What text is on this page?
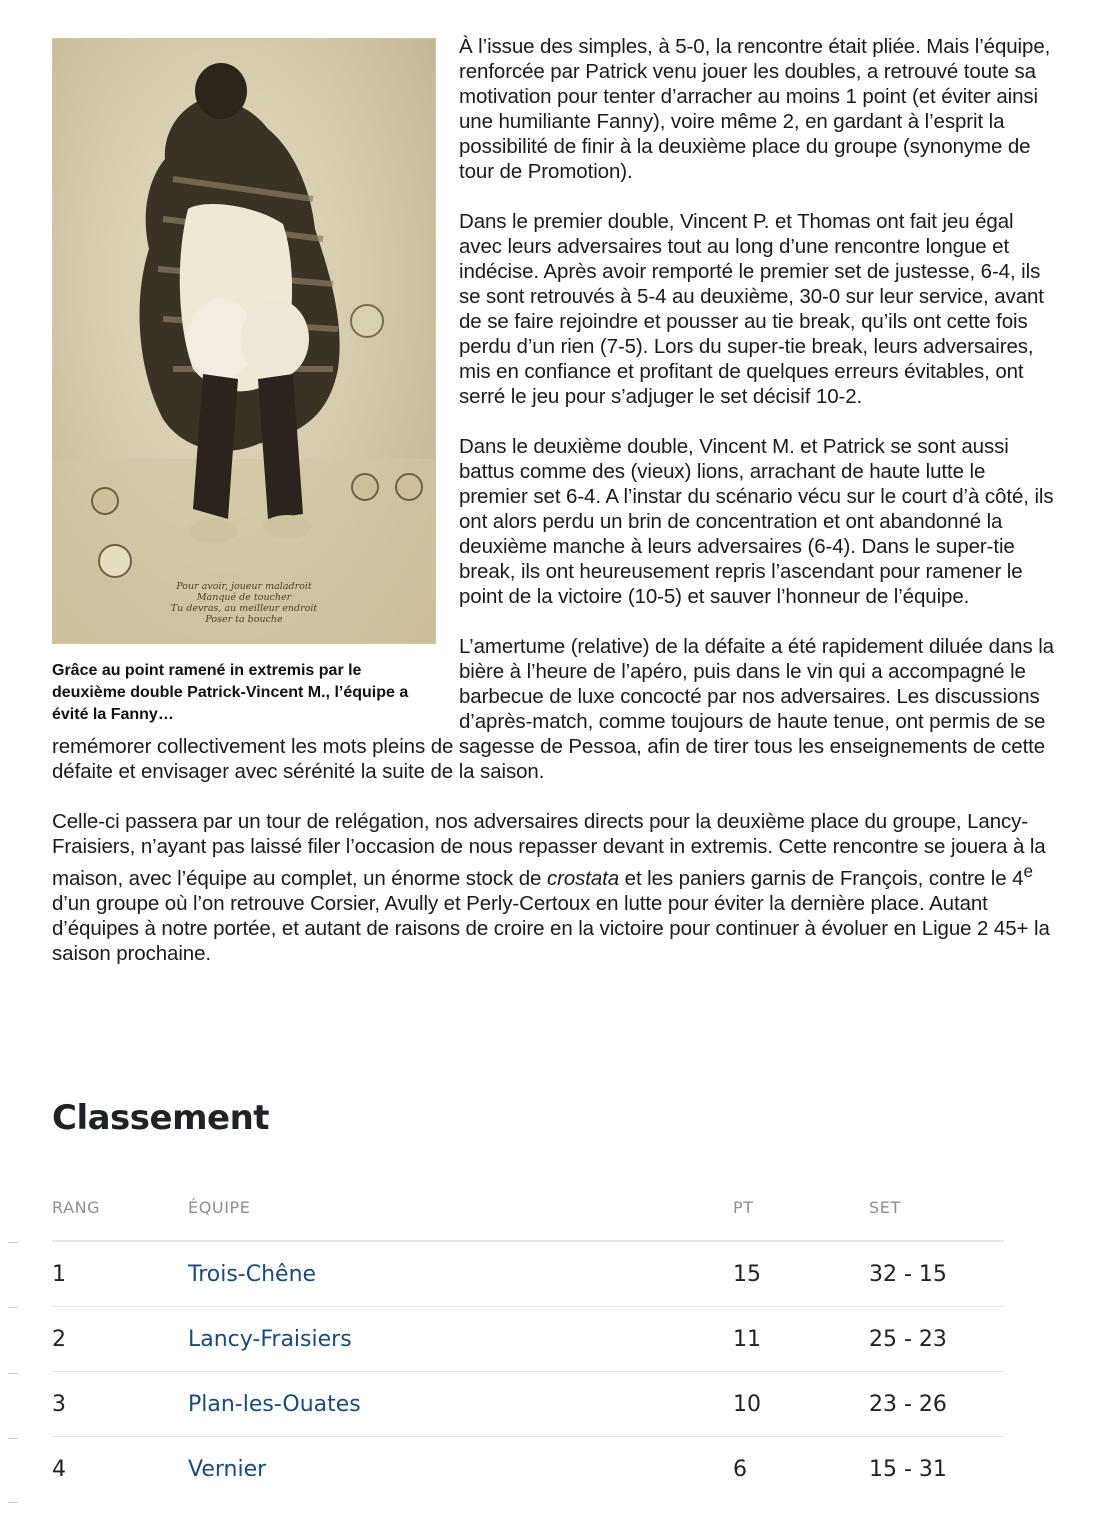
Pour avoir, joueur maladroit
Manqué de toucher
Tu devras, au meilleur endroit
Poser ta bouche
Grâce au point ramené in extremis par le deuxième double Patrick-Vincent M., l’équipe a évité la Fanny…

À l’issue des simples, à 5-0, la rencontre était pliée. Mais l’équipe, renforcée par Patrick venu jouer les doubles, a retrouvé toute sa motivation pour tenter d’arracher au moins 1 point (et éviter ainsi une humiliante Fanny), voire même 2, en gardant à l’esprit la possibilité de finir à la deuxième place du groupe (synonyme de tour de Promotion).

Dans le premier double, Vincent P. et Thomas ont fait jeu égal avec leurs adversaires tout au long d’une rencontre longue et indécise. Après avoir remporté le premier set de justesse, 6-4, ils se sont retrouvés à 5-4 au deuxième, 30-0 sur leur service, avant de se faire rejoindre et pousser au tie break, qu’ils ont cette fois perdu d’un rien (7-5). Lors du super-tie break, leurs adversaires, mis en confiance et profitant de quelques erreurs évitables, ont serré le jeu pour s’adjuger le set décisif 10-2.

Dans le deuxième double, Vincent M. et Patrick se sont aussi battus comme des (vieux) lions, arrachant de haute lutte le premier set 6-4. A l’instar du scénario vécu sur le court d’à côté, ils ont alors perdu un brin de concentration et ont abandonné la deuxième manche à leurs adversaires (6-4). Dans le super-tie break, ils ont heureusement repris l’ascendant pour ramener le point de la victoire (10-5) et sauver l’honneur de l’équipe.

L’amertume (relative) de la défaite a été rapidement diluée dans la bière à l’heure de l’apéro, puis dans le vin qui a accompagné le barbecue de luxe concocté par nos adversaires. Les discussions d’après-match, comme toujours de haute tenue, ont permis de se remémorer collectivement les mots pleins de sagesse de Pessoa, afin de tirer tous les enseignements de cette défaite et envisager avec sérénité la suite de la saison.

Celle-ci passera par un tour de relégation, nos adversaires directs pour la deuxième place du groupe, Lancy-Fraisiers, n’ayant pas laissé filer l’occasion de nous repasser devant in extremis. Cette rencontre se jouera à la maison, avec l’équipe au complet, un énorme stock de crostata et les paniers garnis de François, contre le 4e d’un groupe où l’on retrouve Corsier, Avully et Perly-Certoux en lutte pour éviter la dernière place. Autant d’équipes à notre portée, et autant de raisons de croire en la victoire pour continuer à évoluer en Ligue 2 45+ la saison prochaine.

Classement
RANG	ÉQUIPE	PT	SET
1	Trois-Chêne	15	32 - 15
2	Lancy-Fraisiers	11	25 - 23
3	Plan-les-Ouates	10	23 - 26
4	Vernier	6	15 - 31
